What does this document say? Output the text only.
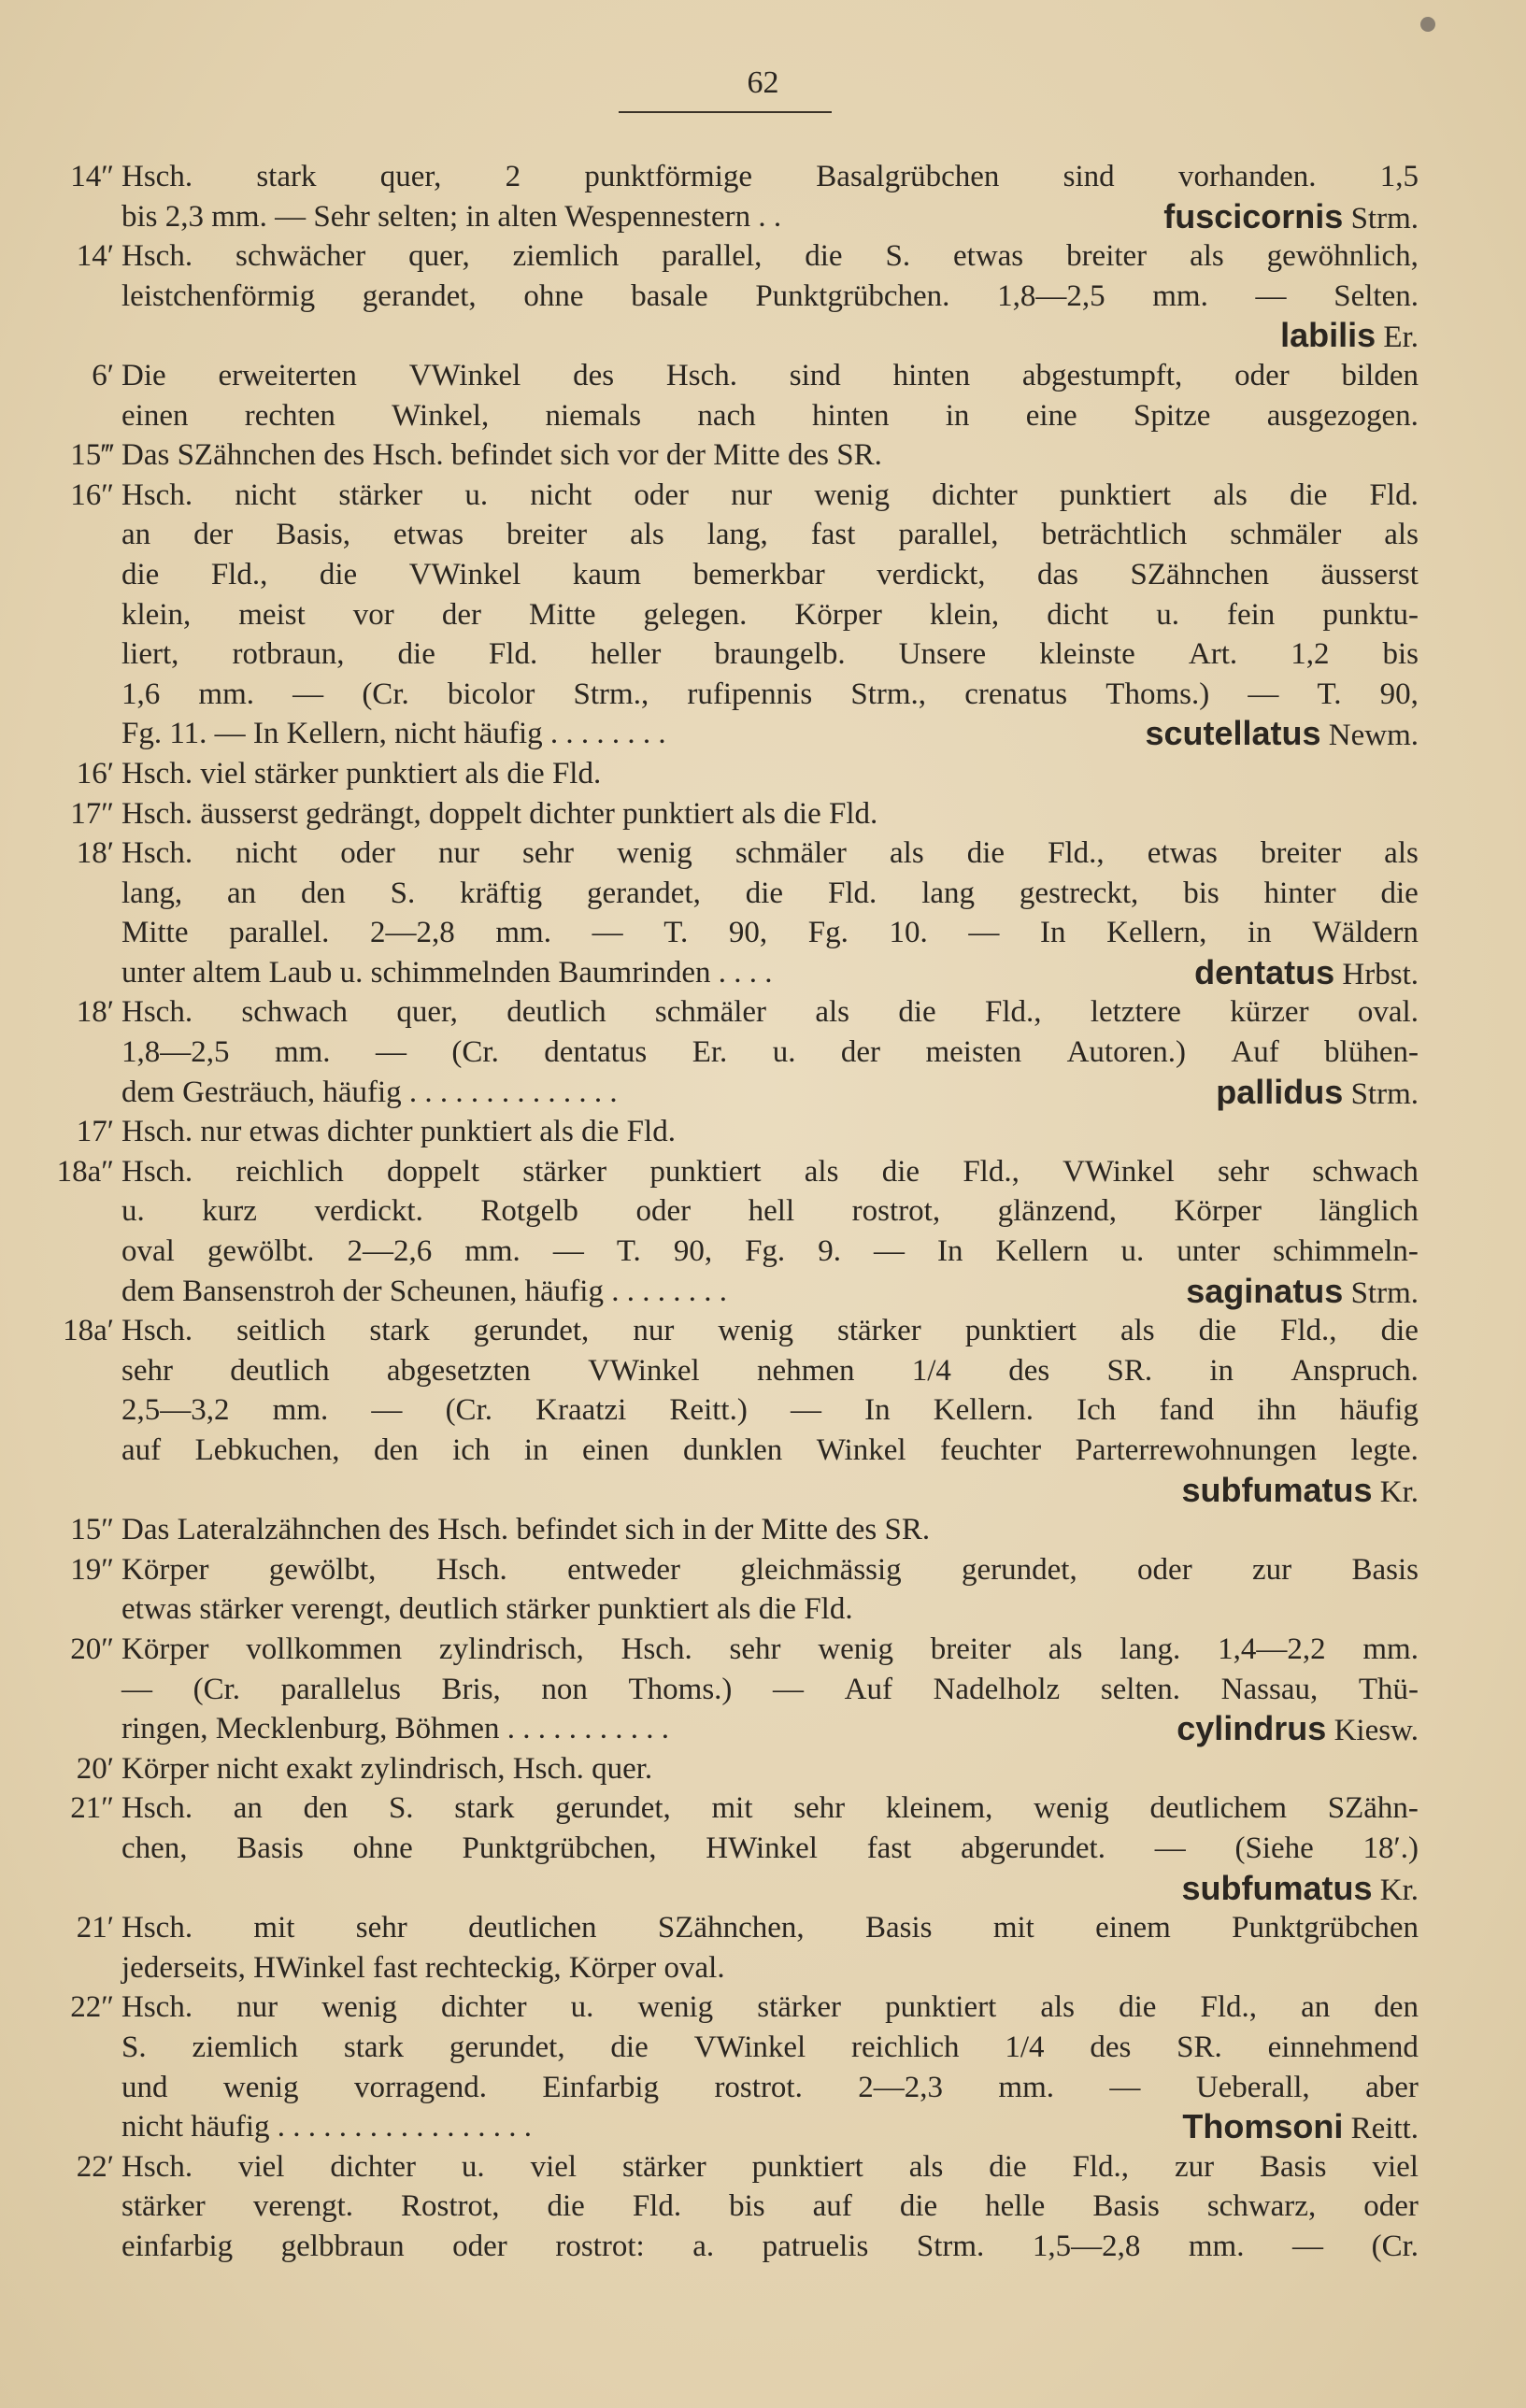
62
14″ Hsch. stark quer, 2 punktförmige Basalgrübchen sind vorhanden. 1,5
bis 2,3 mm. — Sehr selten; in alten Wespennestern . .	fuscicornis Strm.
14′ Hsch. schwächer quer, ziemlich parallel, die S. etwas breiter als gewöhnlich,
leistchenförmig gerandet, ohne basale Punktgrübchen. 1,8—2,5 mm. — Selten.
labilis Er.
6′ Die erweiterten VWinkel des Hsch. sind hinten abgestumpft, oder bilden
einen rechten Winkel, niemals nach hinten in eine Spitze ausgezogen.
15‴ Das SZähnchen des Hsch. befindet sich vor der Mitte des SR.
16″ Hsch. nicht stärker u. nicht oder nur wenig dichter punktiert als die Fld.
an der Basis, etwas breiter als lang, fast parallel, beträchtlich schmäler als
die Fld., die VWinkel kaum bemerkbar verdickt, das SZähnchen äusserst
klein, meist vor der Mitte gelegen. Körper klein, dicht u. fein punktu-
liert, rotbraun, die Fld. heller braungelb. Unsere kleinste Art. 1,2 bis
1,6 mm. — (Cr. bicolor Strm., rufipennis Strm., crenatus Thoms.) — T. 90,
Fg. 11. — In Kellern, nicht häufig . . . . . . . .	scutellatus Newm.
16′ Hsch. viel stärker punktiert als die Fld.
17″ Hsch. äusserst gedrängt, doppelt dichter punktiert als die Fld.
18′ Hsch. nicht oder nur sehr wenig schmäler als die Fld., etwas breiter als
lang, an den S. kräftig gerandet, die Fld. lang gestreckt, bis hinter die
Mitte parallel. 2—2,8 mm. — T. 90, Fg. 10. — In Kellern, in Wäldern
unter altem Laub u. schimmelnden Baumrinden . . . .	dentatus Hrbst.
18′ Hsch. schwach quer, deutlich schmäler als die Fld., letztere kürzer oval.
1,8—2,5 mm. — (Cr. dentatus Er. u. der meisten Autoren.) Auf blühen-
dem Gesträuch, häufig . . . . . . . . . . . . . .	pallidus Strm.
17′ Hsch. nur etwas dichter punktiert als die Fld.
18a″ Hsch. reichlich doppelt stärker punktiert als die Fld., VWinkel sehr schwach
u. kurz verdickt. Rotgelb oder hell rostrot, glänzend, Körper länglich
oval gewölbt. 2—2,6 mm. — T. 90, Fg. 9. — In Kellern u. unter schimmeln-
dem Bansenstroh der Scheunen, häufig . . . . . . . .	saginatus Strm.
18a′ Hsch. seitlich stark gerundet, nur wenig stärker punktiert als die Fld., die
sehr deutlich abgesetzten VWinkel nehmen 1/4 des SR. in Anspruch.
2,5—3,2 mm. — (Cr. Kraatzi Reitt.) — In Kellern. Ich fand ihn häufig
auf Lebkuchen, den ich in einen dunklen Winkel feuchter Parterrewohnungen legte.
subfumatus Kr.
15″ Das Lateralzähnchen des Hsch. befindet sich in der Mitte des SR.
19″ Körper gewölbt, Hsch. entweder gleichmässig gerundet, oder zur Basis
etwas stärker verengt, deutlich stärker punktiert als die Fld.
20″ Körper vollkommen zylindrisch, Hsch. sehr wenig breiter als lang. 1,4—2,2 mm.
— (Cr. parallelus Bris, non Thoms.) — Auf Nadelholz selten. Nassau, Thü-
ringen, Mecklenburg, Böhmen . . . . . . . . . . .	cylindrus Kiesw.
20′ Körper nicht exakt zylindrisch, Hsch. quer.
21″ Hsch. an den S. stark gerundet, mit sehr kleinem, wenig deutlichem SZähn-
chen, Basis ohne Punktgrübchen, HWinkel fast abgerundet. — (Siehe 18′.)
subfumatus Kr.
21′ Hsch. mit sehr deutlichen SZähnchen, Basis mit einem Punktgrübchen
jederseits, HWinkel fast rechteckig, Körper oval.
22″ Hsch. nur wenig dichter u. wenig stärker punktiert als die Fld., an den
S. ziemlich stark gerundet, die VWinkel reichlich 1/4 des SR. einnehmend
und wenig vorragend. Einfarbig rostrot. 2—2,3 mm. — Ueberall, aber
nicht häufig . . . . . . . . . . . . . . . . .	Thomsoni Reitt.
22′ Hsch. viel dichter u. viel stärker punktiert als die Fld., zur Basis viel
stärker verengt. Rostrot, die Fld. bis auf die helle Basis schwarz, oder
einfarbig gelbbraun oder rostrot: a. patruelis Strm. 1,5—2,8 mm. — (Cr.
